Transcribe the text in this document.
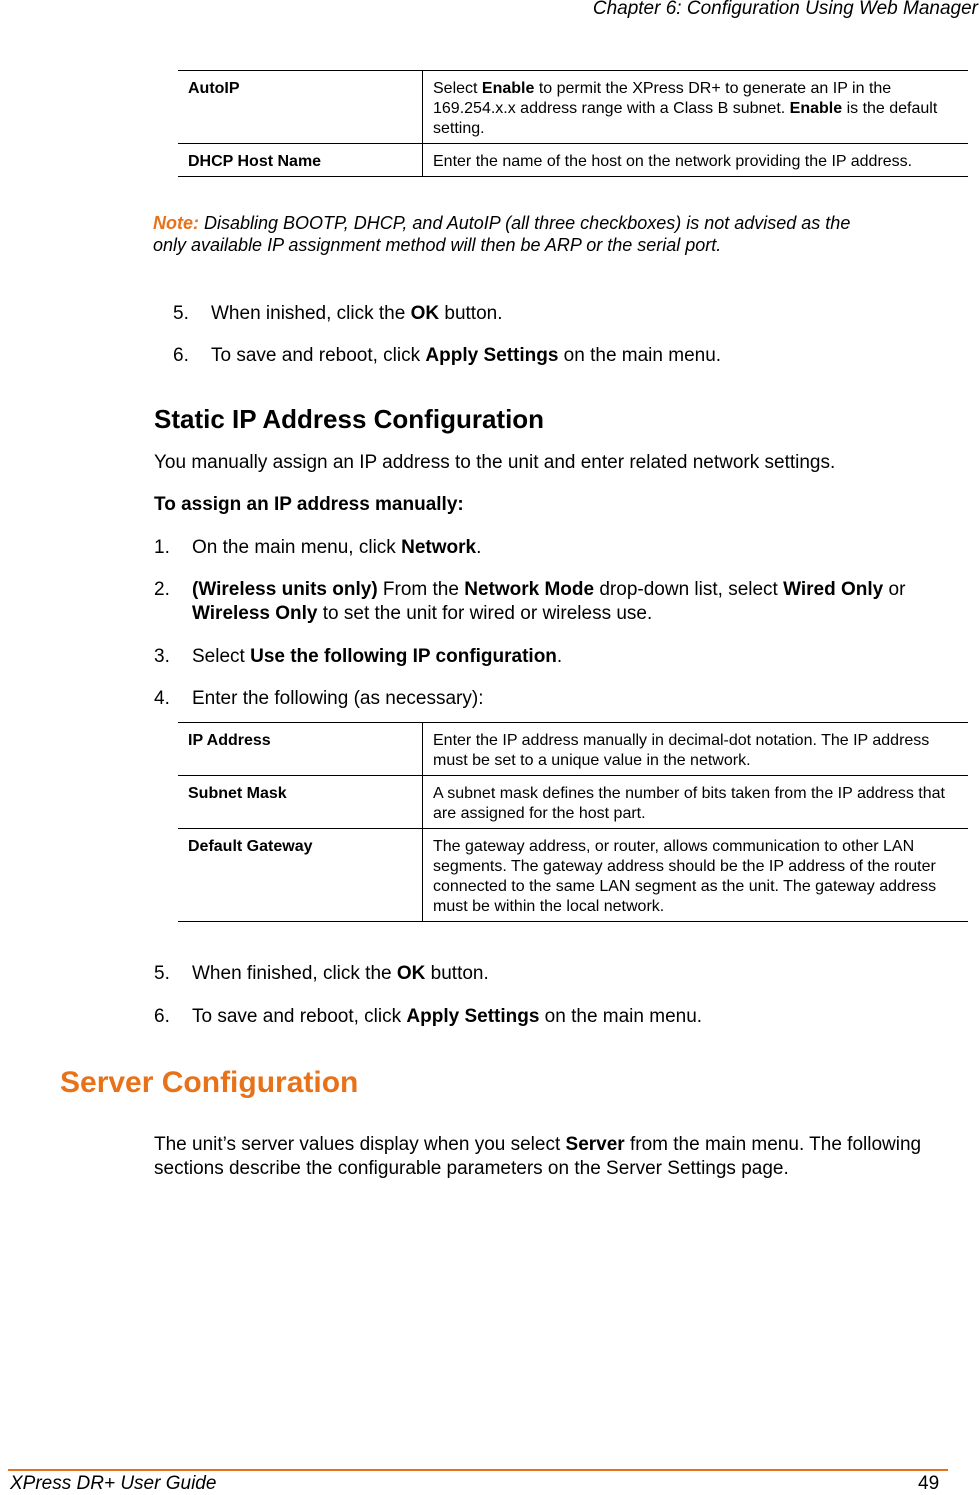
Chapter 6: Configuration Using Web Manager
AutoIP	Select Enable to permit the XPress DR+ to generate an IP in the 169.254.x.x address range with a Class B subnet. Enable is the default setting.
DHCP Host Name	Enter the name of the host on the network providing the IP address.
Note: Disabling BOOTP, DHCP, and AutoIP (all three checkboxes) is not advised as the only available IP assignment method will then be ARP or the serial port.
5. When inished, click the OK button.
6. To save and reboot, click Apply Settings on the main menu.
Static IP Address Configuration
You manually assign an IP address to the unit and enter related network settings.
To assign an IP address manually:
1. On the main menu, click Network.
2. (Wireless units only) From the Network Mode drop-down list, select Wired Only or Wireless Only to set the unit for wired or wireless use.
3. Select Use the following IP configuration.
4. Enter the following (as necessary):
IP Address	Enter the IP address manually in decimal-dot notation. The IP address must be set to a unique value in the network.
Subnet Mask	A subnet mask defines the number of bits taken from the IP address that are assigned for the host part.
Default Gateway	The gateway address, or router, allows communication to other LAN segments. The gateway address should be the IP address of the router connected to the same LAN segment as the unit. The gateway address must be within the local network.
5. When finished, click the OK button.
6. To save and reboot, click Apply Settings on the main menu.
Server Configuration
The unit’s server values display when you select Server from the main menu. The following sections describe the configurable parameters on the Server Settings page.
XPress DR+ User Guide	49
